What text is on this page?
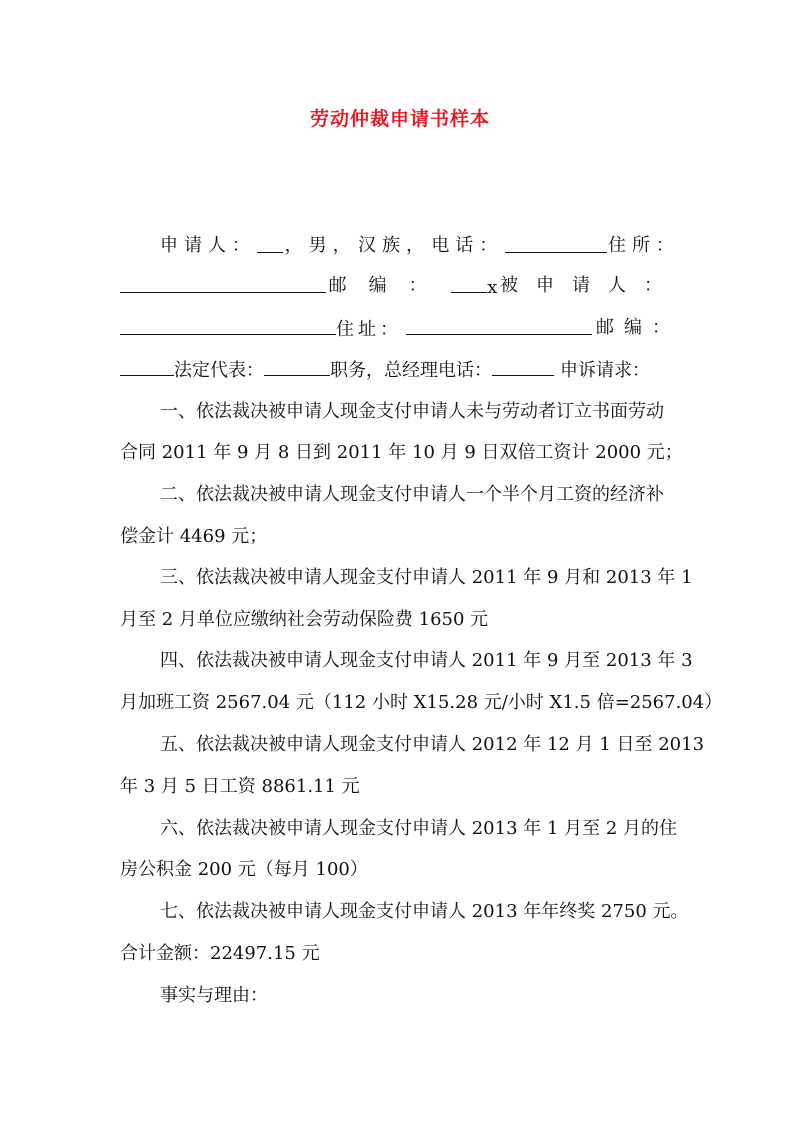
劳动仲裁申请书样本
申请人： ，男， 汉族， 电话：	住所：
邮编：	x 被申请人：
住址：	邮编：
法定代表：	职务，总经理电话：	申诉请求：
一、依法裁决被申请人现金支付申请人未与劳动者订立书面劳动
合同 2011 年 9 月 8 日到 2011 年 10 月 9 日双倍工资计 2000 元；
二、依法裁决被申请人现金支付申请人一个半个月工资的经济补
偿金计 4469 元；
三、依法裁决被申请人现金支付申请人 2011 年 9 月和 2013 年 1
月至 2 月单位应缴纳社会劳动保险费 1650 元
四、依法裁决被申请人现金支付申请人 2011 年 9 月至 2013 年 3
月加班工资 2567.04 元（112 小时 X15.28 元/小时 X1.5 倍=2567.04）
五、依法裁决被申请人现金支付申请人 2012 年 12 月 1 日至 2013
年 3 月 5 日工资 8861.11 元
六、依法裁决被申请人现金支付申请人 2013 年 1 月至 2 月的住
房公积金 200 元（每月 100）
七、依法裁决被申请人现金支付申请人 2013 年年终奖 2750 元。
合计金额：22497.15 元
事实与理由：
